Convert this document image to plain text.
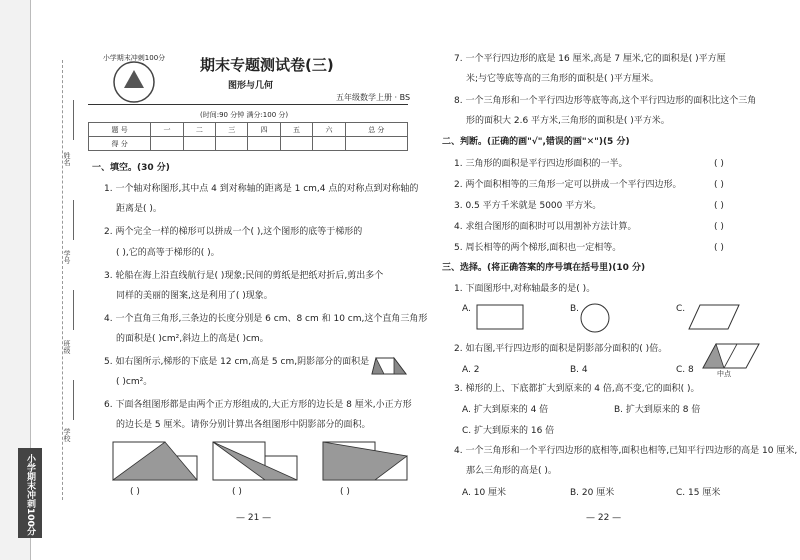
姓名
学号
班级
学校
小学期末冲刺100分
小学期末冲刺100分 期末专题测试卷(三)
图形与几何
五年级数学上册 · BS
(时间:90 分钟 满分:100 分)
题 号	一	二	三	四	五	六	总 分
得 分							
一、填空。(30 分)
1. 一个轴对称图形,其中点 4 到对称轴的距离是 1 cm,4 点的对称点到对称轴的
距离是( )。
2. 两个完全一样的梯形可以拼成一个( ),这个图形的底等于梯形的
( ),它的高等于梯形的( )。
3. 轮船在海上沿直线航行是( )现象;民间的剪纸是把纸对折后,剪出多个
同样的美丽的图案,这是利用了( )现象。
4. 一个直角三角形,三条边的长度分别是 6 cm、8 cm 和 10 cm,这个直角三角形
的面积是( )cm²,斜边上的高是( )cm。
5. 如右图所示,梯形的下底是 12 cm,高是 5 cm,阴影部分的面积是
( )cm²。
6. 下面各组图形都是由两个正方形组成的,大正方形的边长是 8 厘米,小正方形
的边长是 5 厘米。请你分别计算出各组图形中阴影部分的面积。
( )	( )	( )
— 21 —
7. 一个平行四边形的底是 16 厘米,高是 7 厘米,它的面积是( )平方厘
米;与它等底等高的三角形的面积是( )平方厘米。
8. 一个三角形和一个平行四边形等底等高,这个平行四边形的面积比这个三角
形的面积大 2.6 平方米,三角形的面积是( )平方米。
二、判断。(正确的画"√",错误的画"✕")(5 分)
1. 三角形的面积是平行四边形面积的一半。	( )
2. 两个面积相等的三角形一定可以拼成一个平行四边形。	( )
3. 0.5 平方千米就是 5000 平方米。	( )
4. 求组合图形的面积时可以用割补方法计算。	( )
5. 周长相等的两个梯形,面积也一定相等。	( )
三、选择。(将正确答案的序号填在括号里)(10 分)
1. 下面图形中,对称轴最多的是( )。
A.	B.	C.
2. 如右图,平行四边形的面积是阴影部分面积的( )倍。
A. 2	B. 4	C. 8	中点
3. 梯形的上、下底都扩大到原来的 4 倍,高不变,它的面积( )。
A. 扩大到原来的 4 倍	B. 扩大到原来的 8 倍
C. 扩大到原来的 16 倍
4. 一个三角形和一个平行四边形的底相等,面积也相等,已知平行四边形的高是 10 厘米,
那么三角形的高是( )。
A. 10 厘米	B. 20 厘米	C. 15 厘米
— 22 —
